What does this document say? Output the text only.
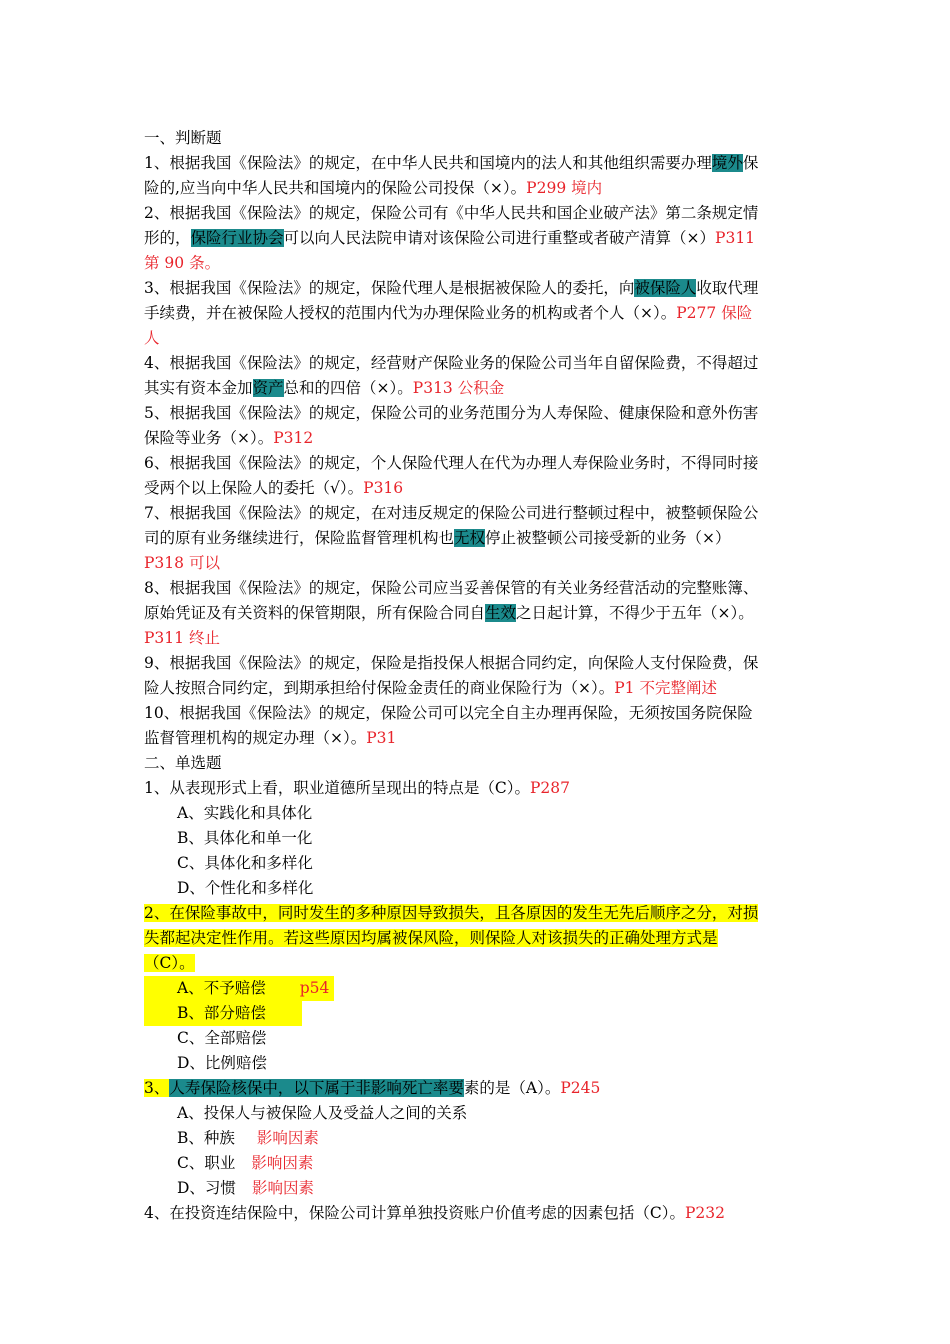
一、判断题
1、根据我国《保险法》的规定，在中华人民共和国境内的法人和其他组织需要办理境外保
险的,应当向中华人民共和国境内的保险公司投保（×）。P299 境内
2、根据我国《保险法》的规定，保险公司有《中华人民共和国企业破产法》第二条规定情
形的，保险行业协会可以向人民法院申请对该保险公司进行重整或者破产清算（×）P311
第 90 条。
3、根据我国《保险法》的规定，保险代理人是根据被保险人的委托，向被保险人收取代理
手续费，并在被保险人授权的范围内代为办理保险业务的机构或者个人（×）。P277 保险
人
4、根据我国《保险法》的规定，经营财产保险业务的保险公司当年自留保险费，不得超过
其实有资本金加资产总和的四倍（×）。P313 公积金
5、根据我国《保险法》的规定，保险公司的业务范围分为人寿保险、健康保险和意外伤害
保险等业务（×）。P312
6、根据我国《保险法》的规定，个人保险代理人在代为办理人寿保险业务时，不得同时接
受两个以上保险人的委托（√）。P316
7、根据我国《保险法》的规定，在对违反规定的保险公司进行整顿过程中，被整顿保险公
司的原有业务继续进行，保险监督管理机构也无权停止被整顿公司接受新的业务（×）
P318 可以
8、根据我国《保险法》的规定，保险公司应当妥善保管的有关业务经营活动的完整账簿、
原始凭证及有关资料的保管期限，所有保险合同自生效之日起计算，不得少于五年（×）。
P311 终止
9、根据我国《保险法》的规定，保险是指投保人根据合同约定，向保险人支付保险费，保
险人按照合同约定，到期承担给付保险金责任的商业保险行为（×）。P1 不完整阐述
10、根据我国《保险法》的规定，保险公司可以完全自主办理再保险，无须按国务院保险
监督管理机构的规定办理（×）。P31
二、单选题
1、从表现形式上看，职业道德所呈现出的特点是（C）。P287
A、实践化和具体化
B、具体化和单一化
C、具体化和多样化
D、个性化和多样化
2、在保险事故中，同时发生的多种原因导致损失，且各原因的发生无先后顺序之分，对损
失都起决定性作用。若这些原因均属被保风险，则保险人对该损失的正确处理方式是
（C）。
A、不予赔偿 p54
B、部分赔偿
C、全部赔偿
D、比例赔偿
3、人寿保险核保中，以下属于非影响死亡率要素的是（A）。P245
A、投保人与被保险人及受益人之间的关系
B、种族 影响因素
C、职业 影响因素
D、习惯 影响因素
4、在投资连结保险中，保险公司计算单独投资账户价值考虑的因素包括（C）。P232
